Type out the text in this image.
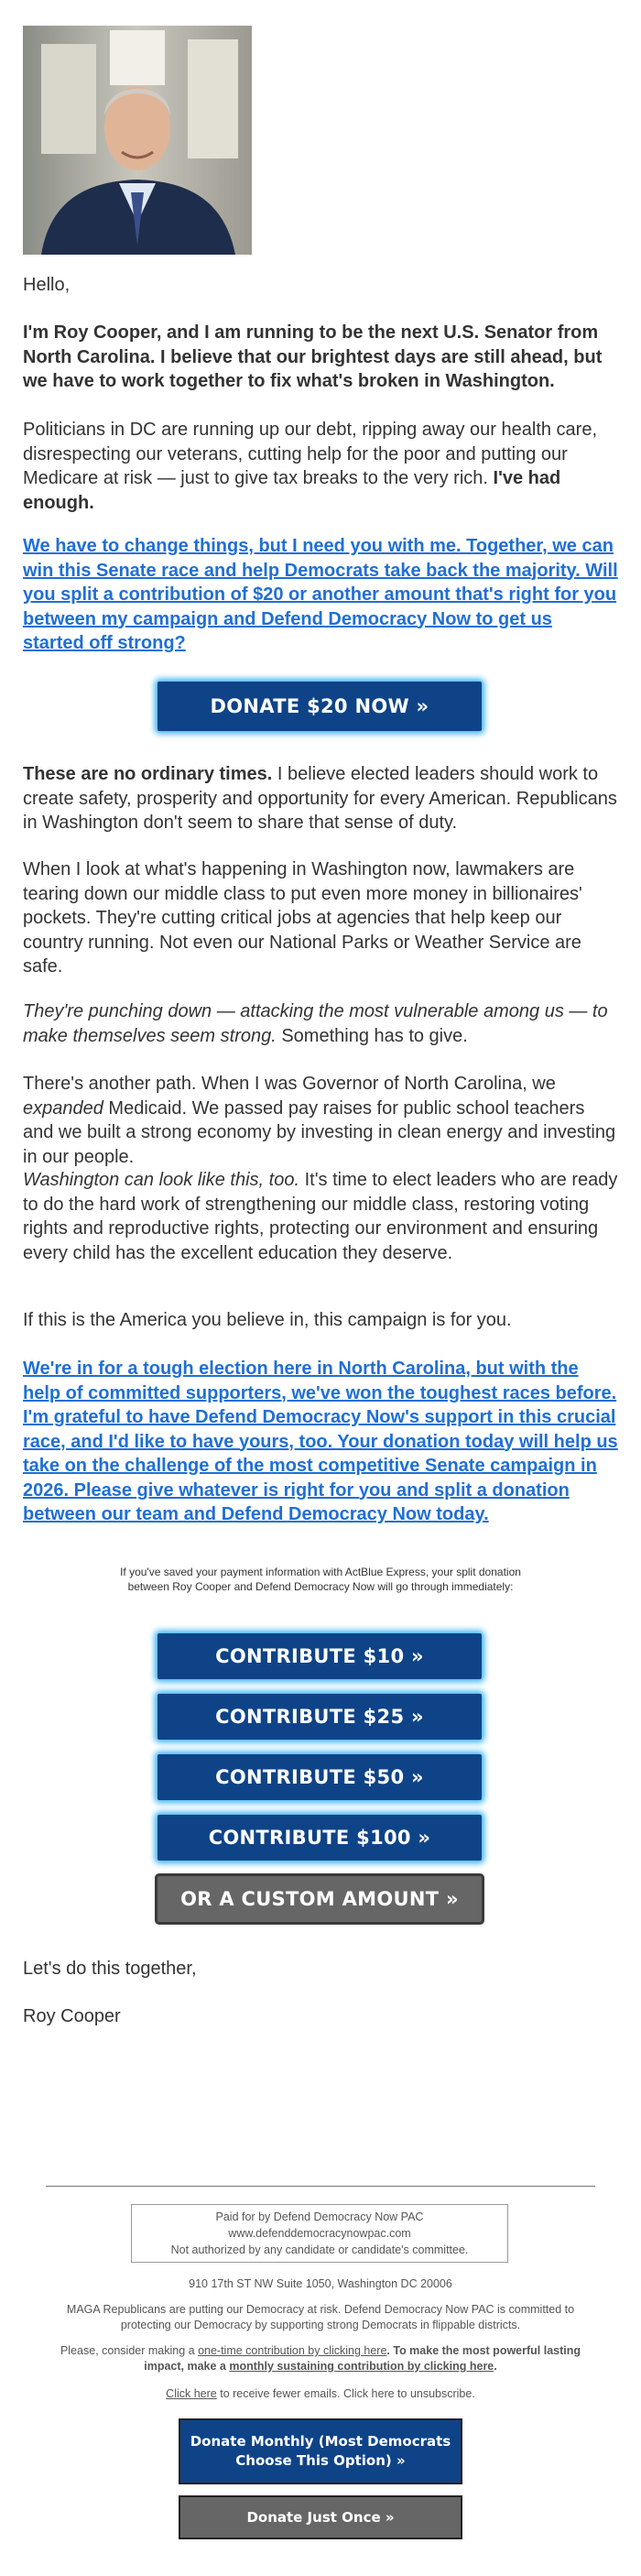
Hello,

I'm Roy Cooper, and I am running to be the next U.S. Senator from North Carolina. I believe that our brightest days are still ahead, but we have to work together to fix what's broken in Washington.

Politicians in DC are running up our debt, ripping away our health care, disrespecting our veterans, cutting help for the poor and putting our Medicare at risk — just to give tax breaks to the very rich. I've had enough.

We have to change things, but I need you with me. Together, we can win this Senate race and help Democrats take back the majority. Will you split a contribution of $20 or another amount that's right for you between my campaign and Defend Democracy Now to get us started off strong?

DONATE $20 NOW »

These are no ordinary times. I believe elected leaders should work to create safety, prosperity and opportunity for every American. Republicans in Washington don't seem to share that sense of duty.

When I look at what's happening in Washington now, lawmakers are tearing down our middle class to put even more money in billionaires' pockets. They're cutting critical jobs at agencies that help keep our country running. Not even our National Parks or Weather Service are safe.

They're punching down — attacking the most vulnerable among us — to make themselves seem strong. Something has to give.

There's another path. When I was Governor of North Carolina, we expanded Medicaid. We passed pay raises for public school teachers and we built a strong economy by investing in clean energy and investing in our people.

Washington can look like this, too. It's time to elect leaders who are ready to do the hard work of strengthening our middle class, restoring voting rights and reproductive rights, protecting our environment and ensuring every child has the excellent education they deserve.

If this is the America you believe in, this campaign is for you.

We're in for a tough election here in North Carolina, but with the help of committed supporters, we've won the toughest races before. I'm grateful to have Defend Democracy Now's support in this crucial race, and I'd like to have yours, too. Your donation today will help us take on the challenge of the most competitive Senate campaign in 2026. Please give whatever is right for you and split a donation between our team and Defend Democracy Now today.

If you've saved your payment information with ActBlue Express, your split donation between Roy Cooper and Defend Democracy Now will go through immediately:
CONTRIBUTE $10 »
CONTRIBUTE $25 »
CONTRIBUTE $50 »
CONTRIBUTE $100 »
OR A CUSTOM AMOUNT »

Let's do this together,

Roy Cooper

Paid for by Defend Democracy Now PAC
www.defenddemocracynowpac.com
Not authorized by any candidate or candidate's committee.
910 17th ST NW Suite 1050, Washington DC 20006
MAGA Republicans are putting our Democracy at risk. Defend Democracy Now PAC is committed to protecting our Democracy by supporting strong Democrats in flippable districts.
Please, consider making a one-time contribution by clicking here. To make the most powerful lasting impact, make a monthly sustaining contribution by clicking here.
Click here to receive fewer emails. Click here to unsubscribe.
Donate Monthly (Most Democrats Choose This Option) »
Donate Just Once »
